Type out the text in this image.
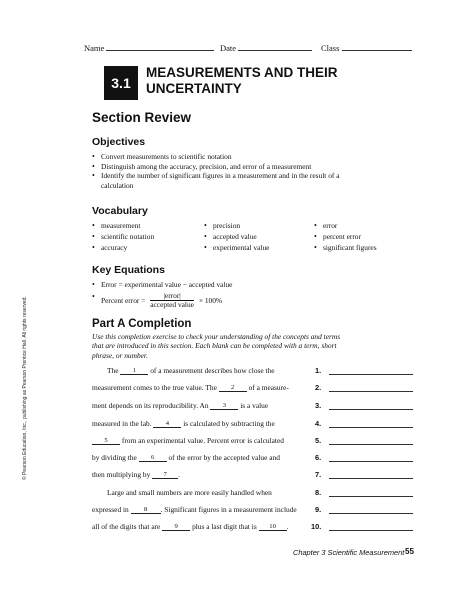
Name	Date	Class
3.1
MEASUREMENTS AND THEIR
UNCERTAINTY
Section Review
Objectives
• Convert measurements to scientific notation
• Distinguish among the accuracy, precision, and error of a measurement
• Identify the number of significant figures in a measurement and in the result of a
calculation
Vocabulary
• measurement
• scientific notation
• accuracy
• precision
• accepted value
• experimental value
• error
• percent error
• significant figures
Key Equations
• Error = experimental value − accepted value
• Percent error = $\frac{\text{|error|}}{\text{accepted value}} \times 100\%$
Part A Completion
Use this completion exercise to check your understanding of the concepts and terms
that are introduced in this section. Each blank can be completed with a term, short
phrase, or number.
The 1 of a measurement describes how close the
measurement comes to the true value. The 2 of a measure-
ment depends on its reproducibility. An 3 is a value
measured in the lab. 4 is calculated by subtracting the
5 from an experimental value. Percent error is calculated
by dividing the 6 of the error by the accepted value and
then multiplying by 7 .
Large and small numbers are more easily handled when
expressed in 8 . Significant figures in a measurement include
all of the digits that are 9 plus a last digit that is 10 .
1.
2.
3.
4.
5.
6.
7.
8.
9.
10.
© Pearson Education, Inc., publishing as Pearson Prentice Hall. All rights reserved.
Chapter 3 Scientific Measurement 55
